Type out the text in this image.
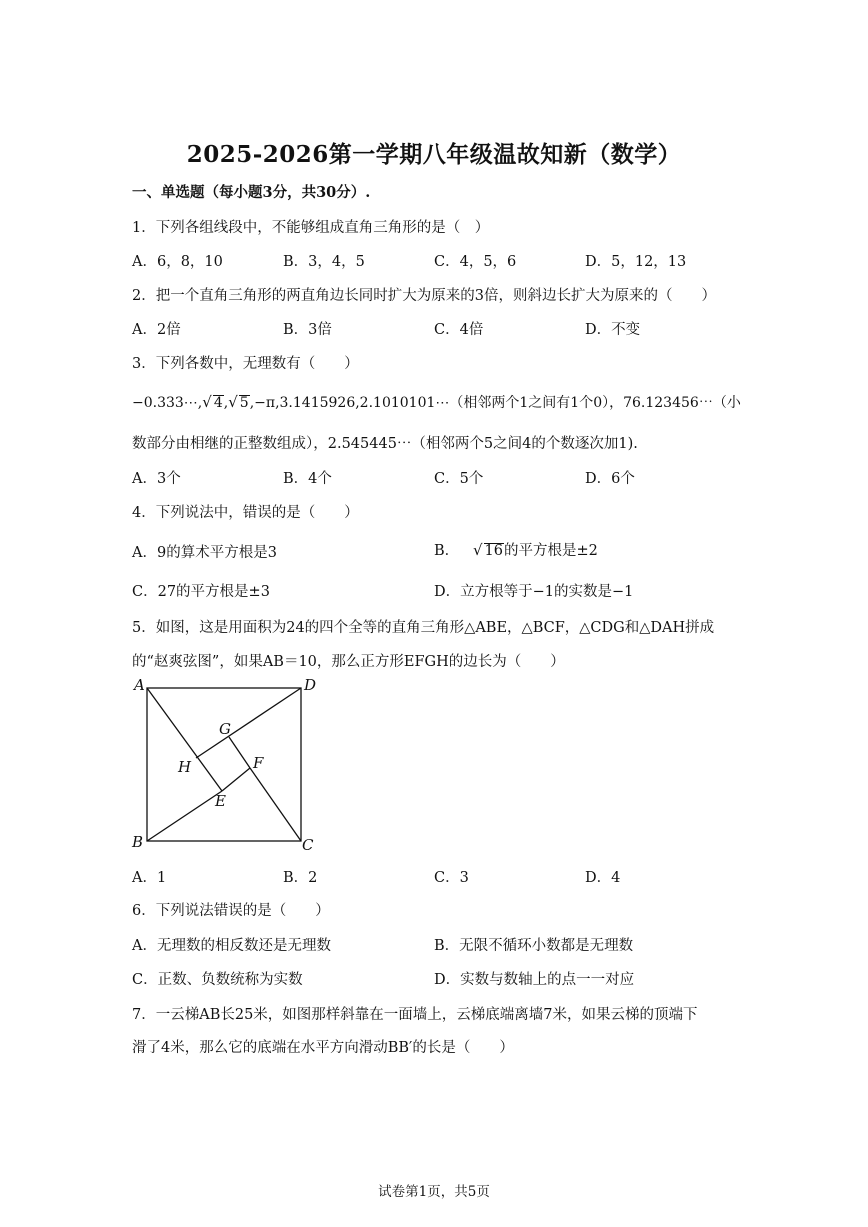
2025-2026第一学期八年级温故知新（数学）
一、单选题（每小题3分，共30分）.
1．下列各组线段中，不能够组成直角三角形的是（　）
A．6，8，10	B．3，4，5	C．4，5，6	D．5，12，13
2．把一个直角三角形的两直角边长同时扩大为原来的3倍，则斜边长扩大为原来的（　　）
A．2倍	B．3倍	C．4倍	D．不变
3．下列各数中，无理数有（　　）
−0.333⋯,√ 4,√ 5,−π,3.1415926,2.1010101⋯（相邻两个1之间有1个0），76.123456⋯（小
数部分由相继的正整数组成），2.545445⋯（相邻两个5之间4的个数逐次加1).
A．3个	B．4个	C．5个	D．6个
4．下列说法中，错误的是（　　）
A．9的算术平方根是3	B． √ 16的平方根是±2
C．27的平方根是±3	D．立方根等于−1的实数是−1
5．如图，这是用面积为24的四个全等的直角三角形△ABE，△BCF，△CDG和△DAH拼成
的“赵爽弦图”，如果AB＝10，那么正方形EFGH的边长为（　　）
A	D
B	C
G
H	F
E
A．1	B．2	C．3	D．4
6．下列说法错误的是（　　）
A．无理数的相反数还是无理数	B．无限不循环小数都是无理数
C．正数、负数统称为实数	D．实数与数轴上的点一一对应
7．一云梯AB长25米，如图那样斜靠在一面墙上，云梯底端离墙7米，如果云梯的顶端下
滑了4米，那么它的底端在水平方向滑动BB′的长是（　　）
试卷第1页，共5页
